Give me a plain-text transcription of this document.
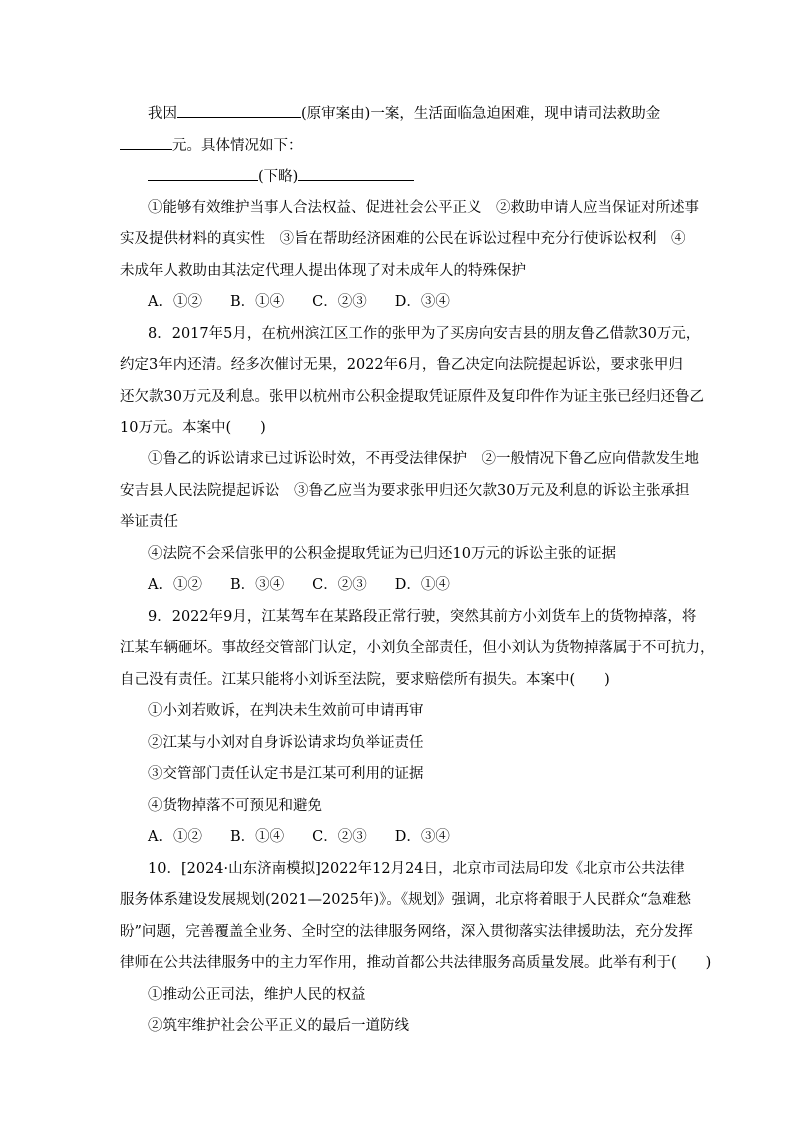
我因	(原审案由)一案，生活面临急迫困难，现申请司法救助金
元。具体情况如下：
(下略)
①能够有效维护当事人合法权益、促进社会公平正义　②救助申请人应当保证对所述事
实及提供材料的真实性　③旨在帮助经济困难的公民在诉讼过程中充分行使诉讼权利　④
未成年人救助由其法定代理人提出体现了对未成年人的特殊保护
A．①② B．①④ C．②③ D．③④
8．2017年5月，在杭州滨江区工作的张甲为了买房向安吉县的朋友鲁乙借款30万元，
约定3年内还清。经多次催讨无果，2022年6月，鲁乙决定向法院提起诉讼，要求张甲归
还欠款30万元及利息。张甲以杭州市公积金提取凭证原件及复印件作为证主张已经归还鲁乙
10万元。本案中(　　)
①鲁乙的诉讼请求已过诉讼时效，不再受法律保护　②一般情况下鲁乙应向借款发生地
安吉县人民法院提起诉讼　③鲁乙应当为要求张甲归还欠款30万元及利息的诉讼主张承担
举证责任
④法院不会采信张甲的公积金提取凭证为已归还10万元的诉讼主张的证据
A．①② B．③④ C．②③ D．①④
9．2022年9月，江某驾车在某路段正常行驶，突然其前方小刘货车上的货物掉落，将
江某车辆砸坏。事故经交管部门认定，小刘负全部责任，但小刘认为货物掉落属于不可抗力，
自己没有责任。江某只能将小刘诉至法院，要求赔偿所有损失。本案中(　　)
①小刘若败诉，在判决未生效前可申请再审
②江某与小刘对自身诉讼请求均负举证责任
③交管部门责任认定书是江某可利用的证据
④货物掉落不可预见和避免
A．①② B．①④ C．②③ D．③④
10．[2024·山东济南模拟]2022年12月24日，北京市司法局印发《北京市公共法律
服务体系建设发展规划(2021—2025年)》。《规划》强调，北京将着眼于人民群众“急难愁
盼”问题，完善覆盖全业务、全时空的法律服务网络，深入贯彻落实法律援助法，充分发挥
律师在公共法律服务中的主力军作用，推动首都公共法律服务高质量发展。此举有利于(　　)
①推动公正司法，维护人民的权益
②筑牢维护社会公平正义的最后一道防线
